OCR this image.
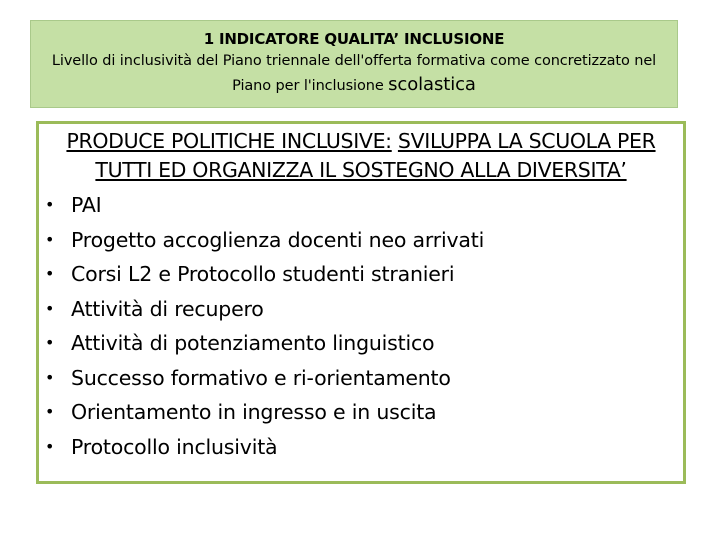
1 INDICATORE QUALITA’ INCLUSIONE
Livello di inclusività del Piano triennale dell'offerta formativa come concretizzato nel Piano per l'inclusione scolastica
PRODUCE POLITICHE INCLUSIVE: SVILUPPA LA SCUOLA PER TUTTI ED ORGANIZZA IL SOSTEGNO ALLA DIVERSITA’
• PAI
• Progetto accoglienza docenti neo arrivati
• Corsi L2 e Protocollo studenti stranieri
• Attività di recupero
• Attività di potenziamento linguistico
• Successo formativo e ri-orientamento
• Orientamento in ingresso e in uscita
• Protocollo inclusività
